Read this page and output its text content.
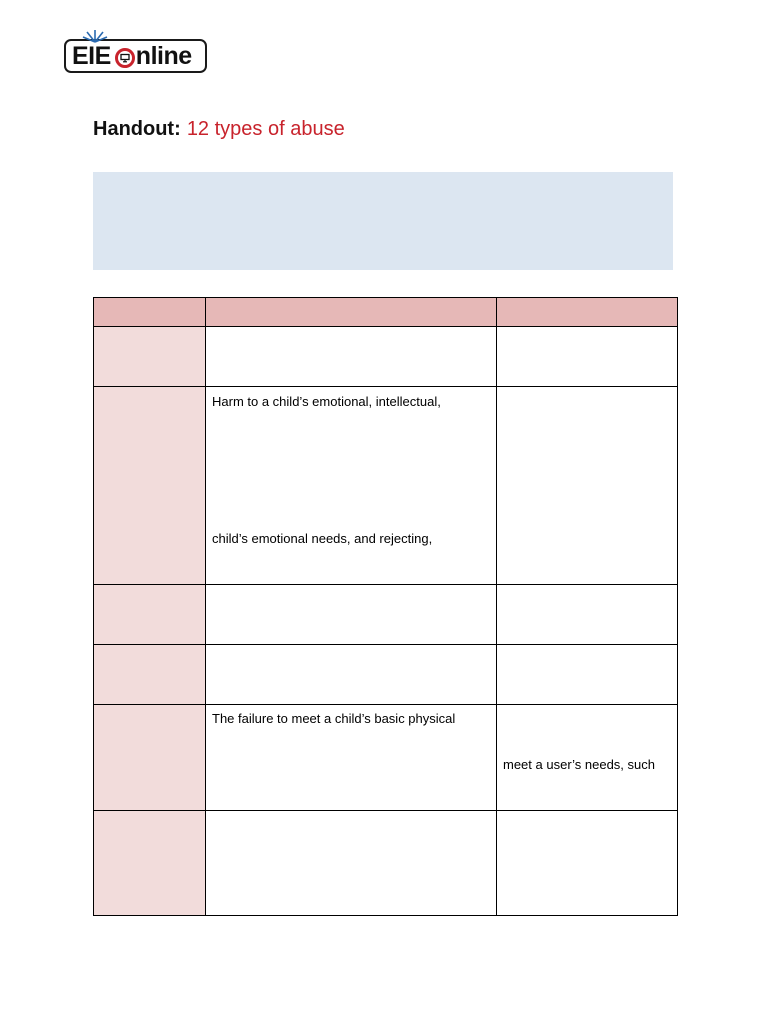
EIE nline
Handout: 12 types of abuse

	Harm to a child’s emotional, intellectual,
child’s emotional needs, and rejecting,	

	The failure to meet a child’s basic physical	meet a user’s needs, such
